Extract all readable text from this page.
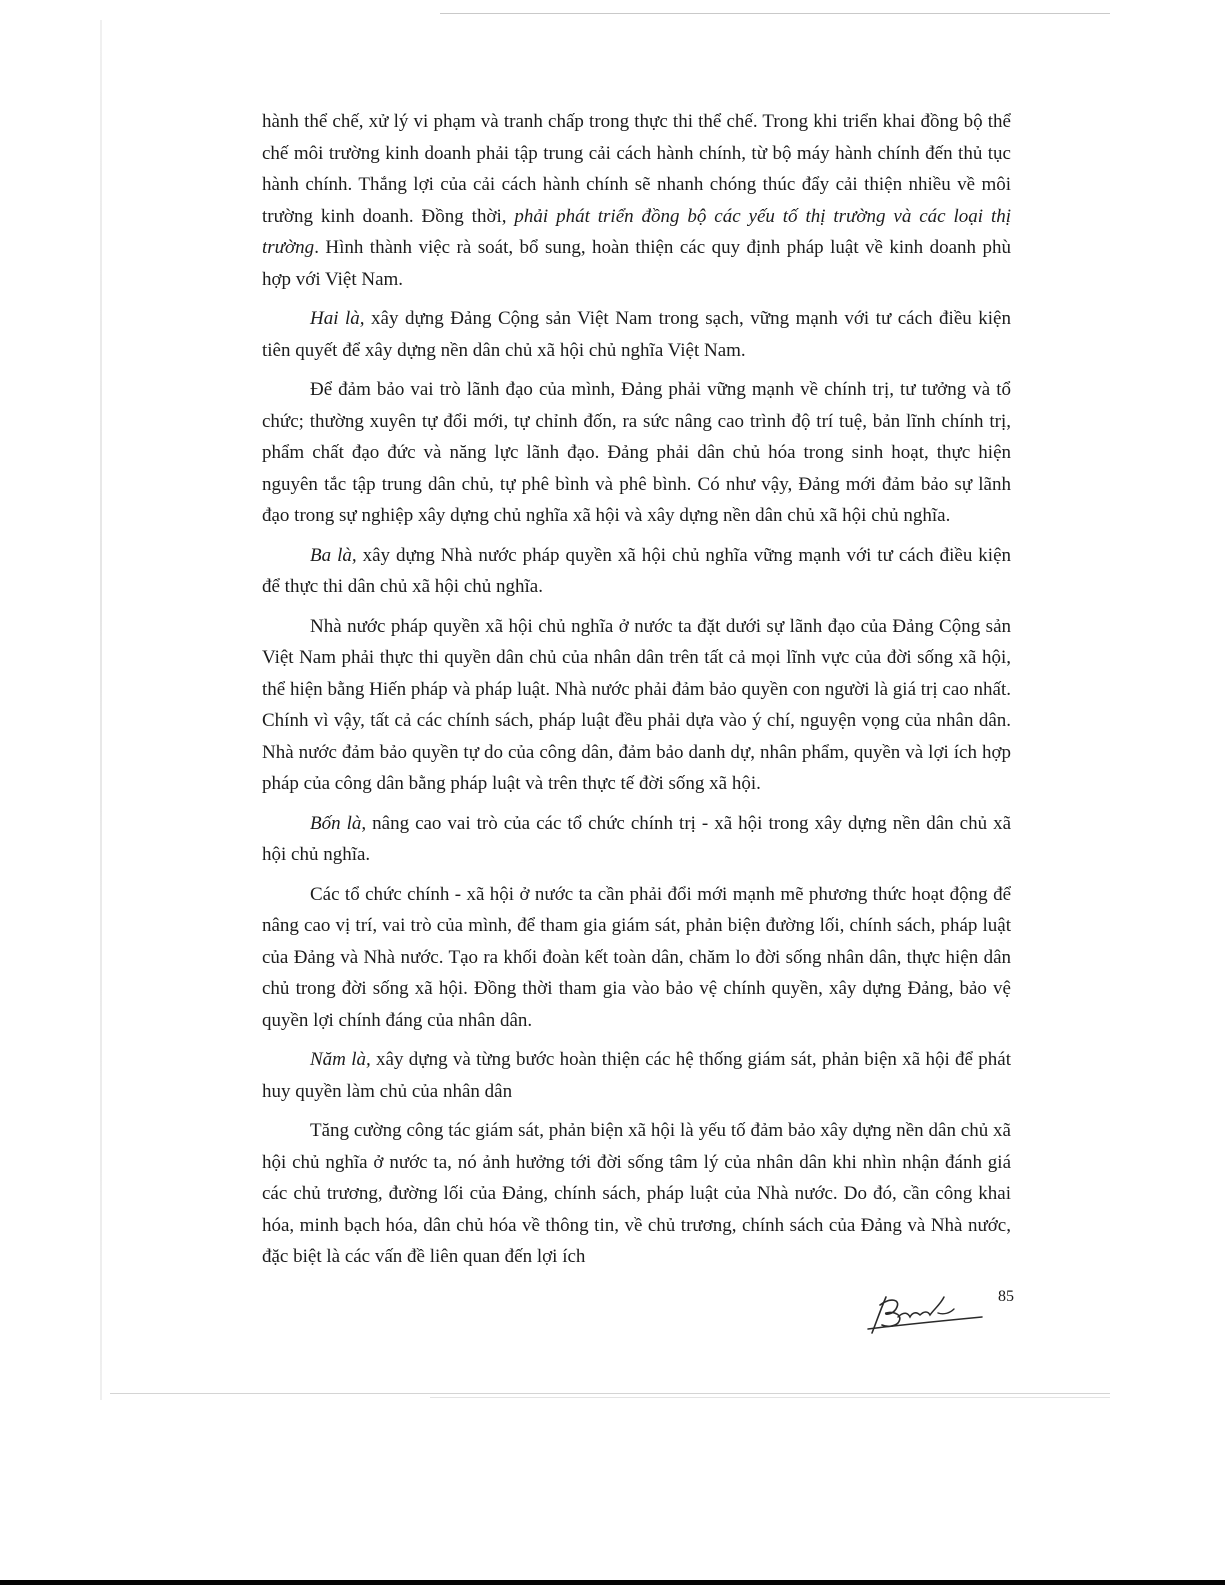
hành thể chế, xử lý vi phạm và tranh chấp trong thực thi thể chế. Trong khi triển khai đồng bộ thể chế môi trường kinh doanh phải tập trung cải cách hành chính, từ bộ máy hành chính đến thủ tục hành chính. Thắng lợi của cải cách hành chính sẽ nhanh chóng thúc đẩy cải thiện nhiều về môi trường kinh doanh. Đồng thời, phải phát triển đồng bộ các yếu tố thị trường và các loại thị trường. Hình thành việc rà soát, bổ sung, hoàn thiện các quy định pháp luật về kinh doanh phù hợp với Việt Nam.

Hai là, xây dựng Đảng Cộng sản Việt Nam trong sạch, vững mạnh với tư cách điều kiện tiên quyết để xây dựng nền dân chủ xã hội chủ nghĩa Việt Nam.

Để đảm bảo vai trò lãnh đạo của mình, Đảng phải vững mạnh về chính trị, tư tưởng và tổ chức; thường xuyên tự đổi mới, tự chỉnh đốn, ra sức nâng cao trình độ trí tuệ, bản lĩnh chính trị, phẩm chất đạo đức và năng lực lãnh đạo. Đảng phải dân chủ hóa trong sinh hoạt, thực hiện nguyên tắc tập trung dân chủ, tự phê bình và phê bình. Có như vậy, Đảng mới đảm bảo sự lãnh đạo trong sự nghiệp xây dựng chủ nghĩa xã hội và xây dựng nền dân chủ xã hội chủ nghĩa.

Ba là, xây dựng Nhà nước pháp quyền xã hội chủ nghĩa vững mạnh với tư cách điều kiện để thực thi dân chủ xã hội chủ nghĩa.

Nhà nước pháp quyền xã hội chủ nghĩa ở nước ta đặt dưới sự lãnh đạo của Đảng Cộng sản Việt Nam phải thực thi quyền dân chủ của nhân dân trên tất cả mọi lĩnh vực của đời sống xã hội, thể hiện bằng Hiến pháp và pháp luật. Nhà nước phải đảm bảo quyền con người là giá trị cao nhất. Chính vì vậy, tất cả các chính sách, pháp luật đều phải dựa vào ý chí, nguyện vọng của nhân dân. Nhà nước đảm bảo quyền tự do của công dân, đảm bảo danh dự, nhân phẩm, quyền và lợi ích hợp pháp của công dân bằng pháp luật và trên thực tế đời sống xã hội.

Bốn là, nâng cao vai trò của các tổ chức chính trị - xã hội trong xây dựng nền dân chủ xã hội chủ nghĩa.

Các tổ chức chính - xã hội ở nước ta cần phải đổi mới mạnh mẽ phương thức hoạt động để nâng cao vị trí, vai trò của mình, để tham gia giám sát, phản biện đường lối, chính sách, pháp luật của Đảng và Nhà nước. Tạo ra khối đoàn kết toàn dân, chăm lo đời sống nhân dân, thực hiện dân chủ trong đời sống xã hội. Đồng thời tham gia vào bảo vệ chính quyền, xây dựng Đảng, bảo vệ quyền lợi chính đáng của nhân dân.

Năm là, xây dựng và từng bước hoàn thiện các hệ thống giám sát, phản biện xã hội để phát huy quyền làm chủ của nhân dân

Tăng cường công tác giám sát, phản biện xã hội là yếu tố đảm bảo xây dựng nền dân chủ xã hội chủ nghĩa ở nước ta, nó ảnh hưởng tới đời sống tâm lý của nhân dân khi nhìn nhận đánh giá các chủ trương, đường lối của Đảng, chính sách, pháp luật của Nhà nước. Do đó, cần công khai hóa, minh bạch hóa, dân chủ hóa về thông tin, về chủ trương, chính sách của Đảng và Nhà nước, đặc biệt là các vấn đề liên quan đến lợi ích

85
